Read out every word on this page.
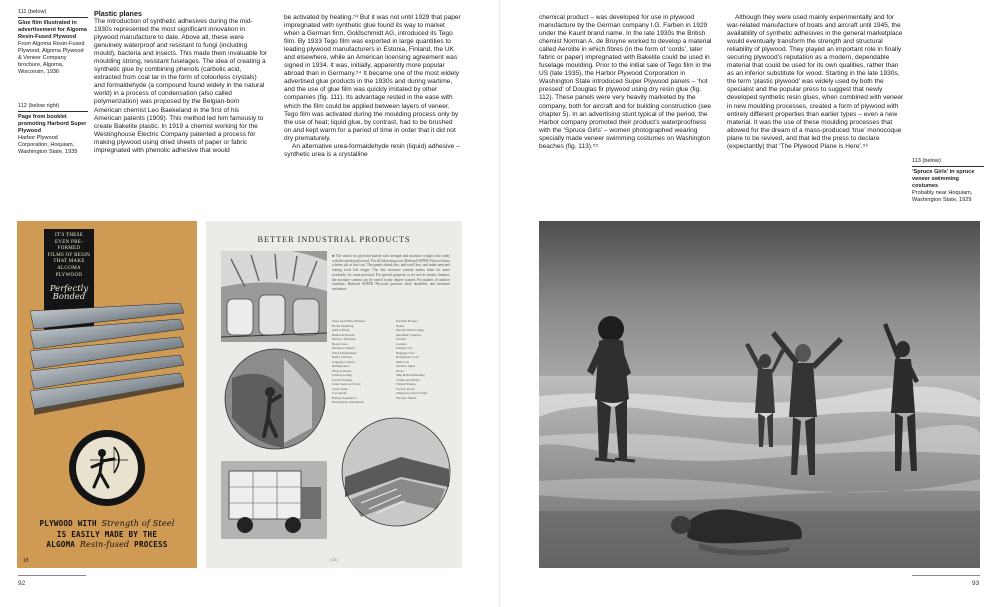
111 (below)
Glue film illustrated in advertisement for Algoma Resin-Fused Plywood
From Algoma Resin-Fused Plywood, Algoma Plywood & Veneer Company brochure, Algoma, Wisconsin, 1936
112 (below right)
Page from booklet promoting Harbord Super Plywood
Harbor Plywood Corporation, Hoquiam, Washington State, 1935
113 (below)
‘Spruce Girls’ in spruce veneer swimming costumes
Probably near Hoquiam, Washington State, 1929
Plastic planes

The introduction of synthetic adhesives during the mid-1930s represented the most significant innovation in plywood manufacture to date. Above all, these were genuinely waterproof and resistant to fungi (including mould), bacteria and insects. This made them invaluable for moulding strong, resistant fuselages. The idea of creating a synthetic glue by combining phenols (carbolic acid, extracted from coal tar in the form of colourless crystals) and formaldehyde (a compound found widely in the natural world) in a process of condensation (also called polymerization) was proposed by the Belgian-born American chemist Leo Baekeland in the first of his American patents (1909). This method led him famously to create Bakelite plastic. In 1919 a chemist working for the Westinghouse Electric Company patented a process for making plywood using dried sheets of paper or fabric impregnated with phenolic adhesive that would

be activated by heating.⁵³ But it was not until 1929 that paper impregnated with synthetic glue found its way to market when a German firm, Goldschmidt AG, introduced its Tego film. By 1933 Tego film was exported in large quantities to leading plywood manufacturers in Estonia, Finland, the UK and elsewhere, while an American licensing agreement was signed in 1934. It was, initially, apparently more popular abroad than in Germany.⁵⁴ It became one of the most widely advertised glue products in the 1930s and during wartime, and the use of glue film was quickly imitated by other companies (fig. 111). Its advantage rested in the ease with which the film could be applied between layers of veneer. Tego film was activated during the moulding process only by the use of heat; liquid glue, by contrast, had to be brushed on and kept warm for a period of time in order that it did not dry prematurely.

An alternative urea-formaldehyde resin (liquid) adhesive – synthetic urea is a crystalline

chemical product – was developed for use in plywood manufacture by the German company I.G. Farben in 1929 under the Kaurit brand name. In the late 1930s the British chemist Norman A. de Bruyne worked to develop a material called Aerolite in which fibres (in the form of ‘cords’, later fabric or paper) impregnated with Bakelite could be used in fuselage moulding. Prior to the initial sale of Tego film in the US (late 1935), the Harbor Plywood Corporation in Washington State introduced Super Plywood panels – ‘hot pressed’ of Douglas fir plywood using dry resin glue (fig. 112). These panels were very heavily marketed by the company, both for aircraft and for building construction (see chapter 5). In an advertising stunt typical of the period, the Harbor company promoted their product’s waterproofness with the ‘Spruce Girls’ – women photographed wearing specially made veneer swimming costumes on Washington beaches (fig. 113).⁵⁵

Although they were used mainly experimentally and for war-related manufacture of boats and aircraft until 1945, the availability of synthetic adhesives in the general marketplace would eventually transform the strength and structural reliability of plywood. They played an important role in finally securing plywood’s reputation as a modern, dependable material that could be used for its own qualities, rather than as an inferior substitute for wood. Starting in the late 1930s, the term ‘plastic plywood’ was widely used by both the specialist and the popular press to suggest that newly developed synthetic resin glues, when combined with veneer in new moulding processes, created a form of plywood with entirely different properties than earlier types – even a new material. It was the use of these moulding processes that allowed for the dream of a mass-produced ‘true’ monocoque plane to be revived, and that led the press to declare (expectantly) that ‘The Plywood Plane is Here’.⁵⁶

IT'S THESE
EVEN PRE-FORMED
FILMS OF RESIN
THAT MAKE ALGOMA PLYWOOD
Perfectly Bonded
PLYWOOD WITH Strength of Steel
IS EASILY MADE BY THE
ALGOMA Resin-fused PROCESS
18
BETTER INDUSTRIAL PRODUCTS
■ The search for plywood panels with strength and moisture weight ratio today with the modern plywood. For all fabricating uses Harbord SUPER Plywood does a better job at low cost. The panels shrink less, and swell less, and make neat and cutting tools last longer. The fine moisture content makes them far more workable, for some practical. For special purposes or for use in certain climates, the moisture content can be varied to any degree wanted. For makers of outdoor furniture, Harbord SUPER Plywood presents ideal durability and moisture resistance.
Store and Office Fixtures
Booth Panelling
Mirror Backs
Ballroom Boards
Outdoor Furniture
Book Cases
Kitchen Cabinets
School Equipment
Radio Cabinets
Luggage Carriers
Refrigerators
Display Boxes
Cabinet Lining
Curved Frames
Chair Seats and Seats
Truck Sides
Cars Roofs
Battery Separators
Bus Keepers Equipment
Portable Houses
Desks
Electric Hand Lining
Machinery Shelves
Screens
Lockers
Freight Cars
Baggage Cars
Refrigerator Cars
Mail Cars
Outdoor Signs
Doors
Ship & Boat Building
Trunks and Boxes
Framed Pianos
Factory Roofs
Temporary Store Fronts
Elevator Shafts
[ 10 ]
92	93
